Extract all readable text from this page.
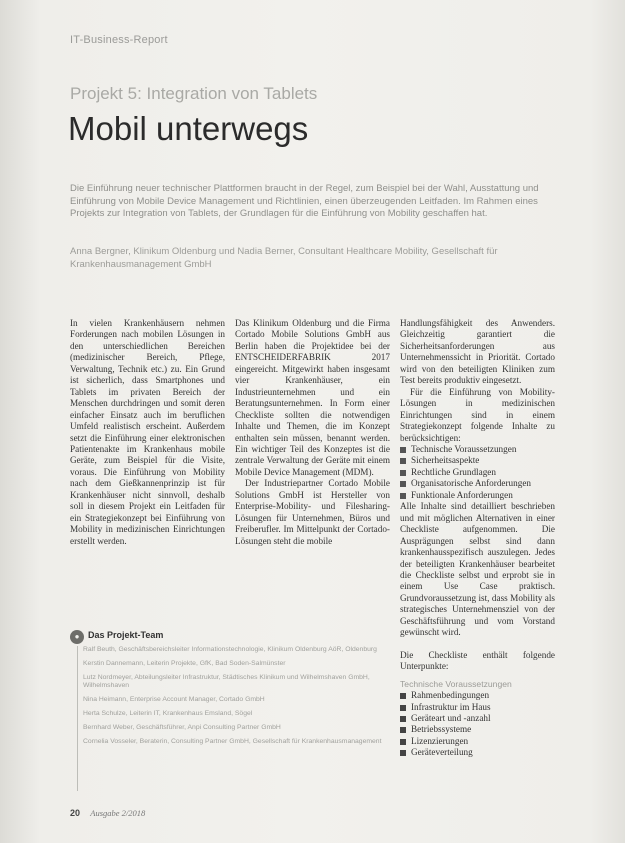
IT-Business-Report
Projekt 5: Integration von Tablets
Mobil unterwegs
Die Einführung neuer technischer Plattformen braucht in der Regel, zum Beispiel bei der Wahl, Ausstattung und Einführung von Mobile Device Management und Richtlinien, einen überzeugenden Leitfaden. Im Rahmen eines Projekts zur Integration von Tablets, der Grundlagen für die Einführung von Mobility geschaffen hat.
Anna Bergner, Klinikum Oldenburg und Nadia Berner, Consultant Healthcare Mobility, Gesellschaft für Krankenhausmanagement GmbH

In vielen Krankenhäusern nehmen Forderungen nach mobilen Lösungen in den unterschiedlichen Bereichen (medizinischer Bereich, Pflege, Verwaltung, Technik etc.) zu. Ein Grund ist sicherlich, dass Smartphones und Tablets im privaten Bereich der Menschen durchdringen und somit deren einfacher Einsatz auch im beruflichen Umfeld realistisch erscheint. Außerdem setzt die Einführung einer elektronischen Patientenakte im Krankenhaus mobile Geräte, zum Beispiel für die Visite, voraus. Die Einführung von Mobility nach dem Gießkannenprinzip ist für Krankenhäuser nicht sinnvoll, deshalb soll in diesem Projekt ein Leitfaden für ein Strategiekonzept bei Einführung von Mobility in medizinischen Einrichtungen erstellt werden.

Das Klinikum Oldenburg und die Firma Cortado Mobile Solutions GmbH aus Berlin haben die Projektidee bei der ENTSCHEIDERFABRIK 2017 eingereicht. Mitgewirkt haben insgesamt vier Krankenhäuser, ein Industrieunternehmen und ein Beratungsunternehmen. In Form einer Checkliste sollten die notwendigen Inhalte und Themen, die im Konzept enthalten sein müssen, benannt werden. Ein wichtiger Teil des Konzeptes ist die zentrale Verwaltung der Geräte mit einem Mobile Device Management (MDM).

Der Industriepartner Cortado Mobile Solutions GmbH ist Hersteller von Enterprise-Mobility- und Filesharing-Lösungen für Unternehmen, Büros und Freiberufler. Im Mittelpunkt der Cortado-Lösungen steht die mobile

Handlungsfähigkeit des Anwenders. Gleichzeitig garantiert die Sicherheitsanforderungen aus Unternehmenssicht in Priorität. Cortado wird von den beteiligten Kliniken zum Test bereits produktiv eingesetzt.

Für die Einführung von Mobility-Lösungen in medizinischen Einrichtungen sind in einem Strategiekonzept folgende Inhalte zu berücksichtigen:

Technische Voraussetzungen
Sicherheitsaspekte
Rechtliche Grundlagen
Organisatorische Anforderungen
Funktionale Anforderungen

Alle Inhalte sind detailliert beschrieben und mit möglichen Alternativen in einer Checkliste aufgenommen. Die Ausprägungen selbst sind dann krankenhausspezifisch auszulegen. Jedes der beteiligten Krankenhäuser bearbeitet die Checkliste selbst und erprobt sie in einem Use Case praktisch. Grundvoraussetzung ist, dass Mobility als strategisches Unternehmensziel von der Geschäftsführung und vom Vorstand gewünscht wird.

Die Checkliste enthält folgende Unterpunkte:

Technische Voraussetzungen

Rahmenbedingungen
Infrastruktur im Haus
Geräteart und -anzahl
Betriebssysteme
Lizenzierungen
Geräteverteilung
● Das Projekt-Team
Ralf Beuth, Geschäftsbereichsleiter Informationstechnologie, Klinikum Oldenburg AöR, Oldenburg
Kerstin Dannemann, Leiterin Projekte, GfK, Bad Soden-Salmünster
Lutz Nordmeyer, Abteilungsleiter Infrastruktur, Städtisches Klinikum und Wilhelmshaven GmbH, Wilhelmshaven
Nina Heimann, Enterprise Account Manager, Cortado GmbH
Herta Schulze, Leiterin IT, Krankenhaus Emsland, Sögel
Bernhard Weber, Geschäftsführer, Anpi Consulting Partner GmbH
Cornelia Vosseler, Beraterin, Consulting Partner GmbH, Gesellschaft für Krankenhausmanagement
20 Ausgabe 2/2018
